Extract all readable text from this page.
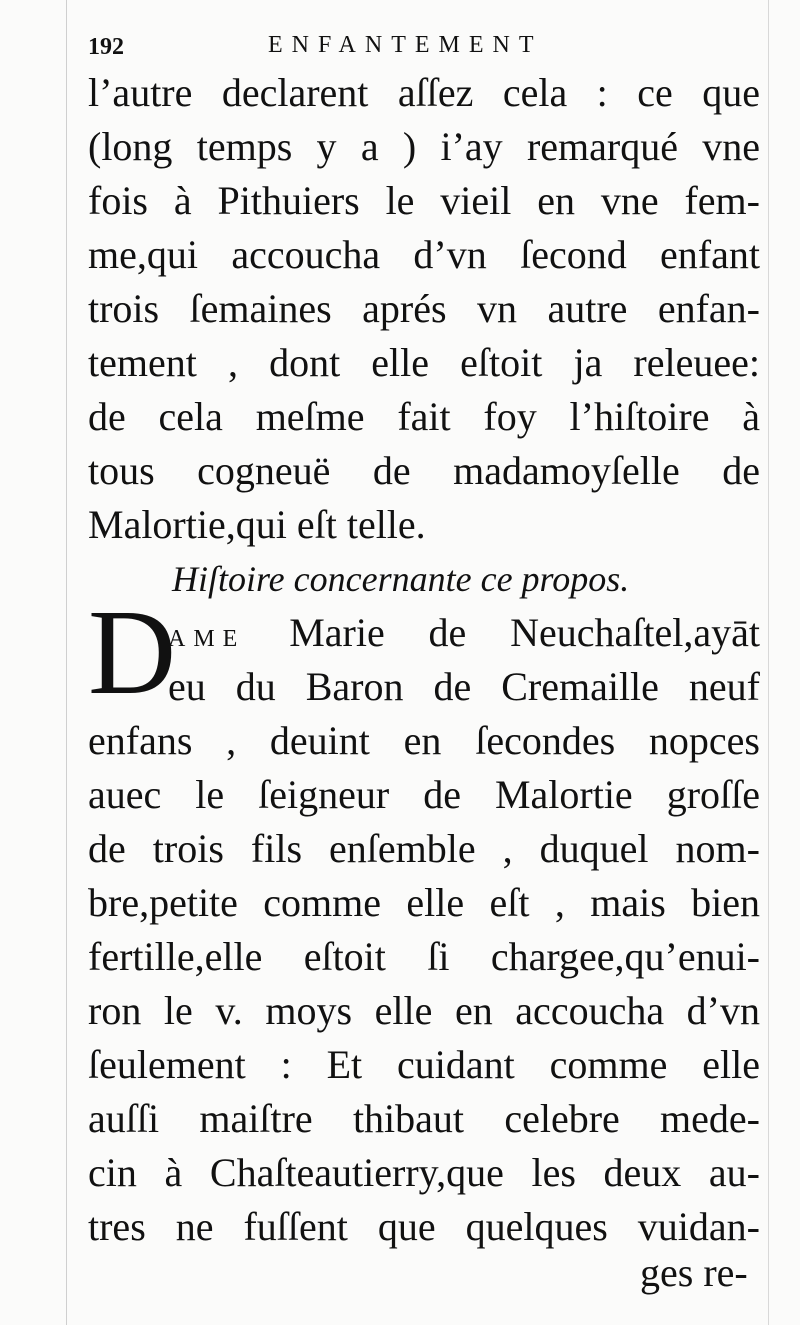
192	ENFANTEMENT
l’autre declarent aſſez cela : ce que
(long temps y a ) i’ay remarqué vne
fois à Pithuiers le vieil en vne fem-
me,qui accoucha d’vn ſecond enfant
trois ſemaines aprés vn autre enfan-
tement , dont elle eſtoit ja releuee:
de cela meſme fait foy l’hiſtoire à
tous cogneuë de madamoyſelle de
Malortie,qui eſt telle.
Hiſtoire concernante ce propos.
D
AME Marie de Neuchaſtel,ayāt
eu du Baron de Cremaille neuf
enfans , deuint en ſecondes nopces
auec le ſeigneur de Malortie groſſe
de trois fils enſemble , duquel nom-
bre,petite comme elle eſt , mais bien
fertille,elle eſtoit ſi chargee,qu’enui-
ron le v. moys elle en accoucha d’vn
ſeulement : Et cuidant comme elle
auſſi maiſtre thibaut celebre mede-
cin à Chaſteautierry,que les deux au-
tres ne fuſſent que quelques vuidan-
ges re-
